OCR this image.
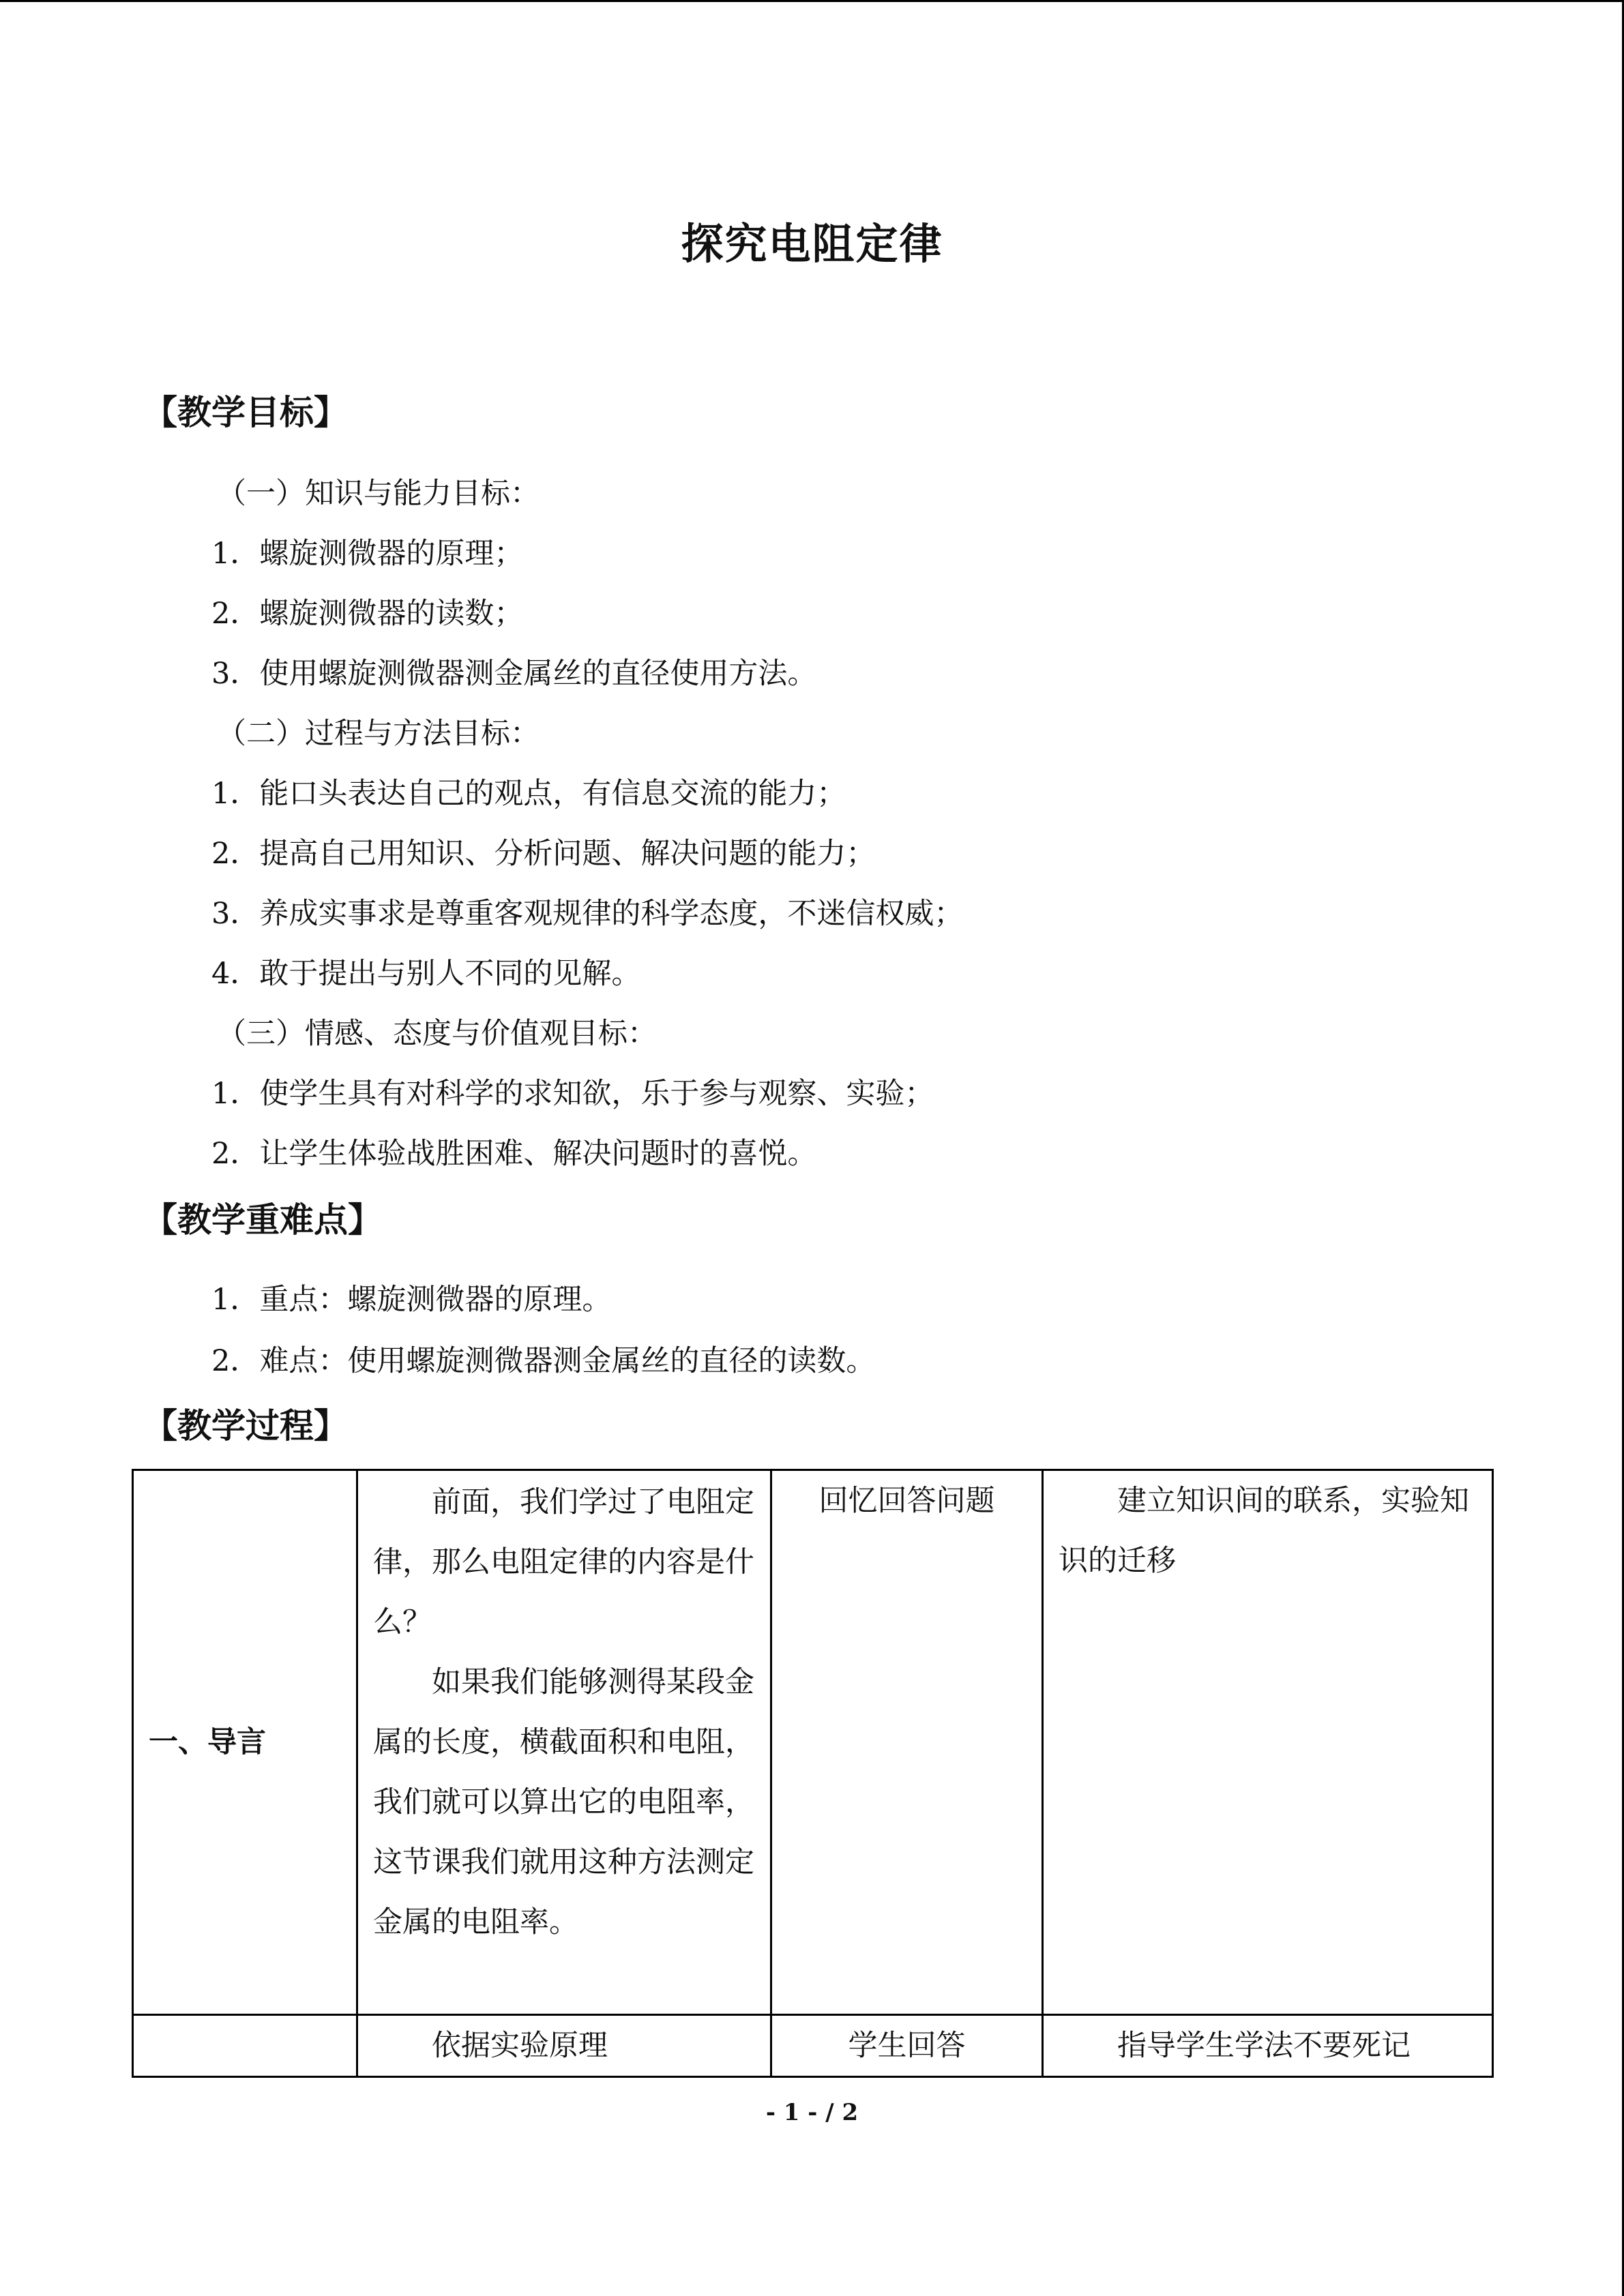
探究电阻定律
【教学目标】
（一）知识与能力目标：
1．螺旋测微器的原理；
2．螺旋测微器的读数；
3．使用螺旋测微器测金属丝的直径使用方法。
（二）过程与方法目标：
1．能口头表达自己的观点，有信息交流的能力；
2．提高自己用知识、分析问题、解决问题的能力；
3．养成实事求是尊重客观规律的科学态度，不迷信权威；
4．敢于提出与别人不同的见解。
（三）情感、态度与价值观目标：
1．使学生具有对科学的求知欲，乐于参与观察、实验；
2．让学生体验战胜困难、解决问题时的喜悦。
【教学重难点】
1．重点：螺旋测微器的原理。
2．难点：使用螺旋测微器测金属丝的直径的读数。
【教学过程】
一、导言	前面，我们学过了电阻定律，那么电阻定律的内容是什么？
如果我们能够测得某段金属的长度，横截面积和电阻，我们就可以算出它的电阻率，这节课我们就用这种方法测定金属的电阻率。	回忆回答问题	建立知识间的联系，实验知识的迁移
	依据实验原理	学生回答	指导学生学法不要死记
- 1 - / 2
